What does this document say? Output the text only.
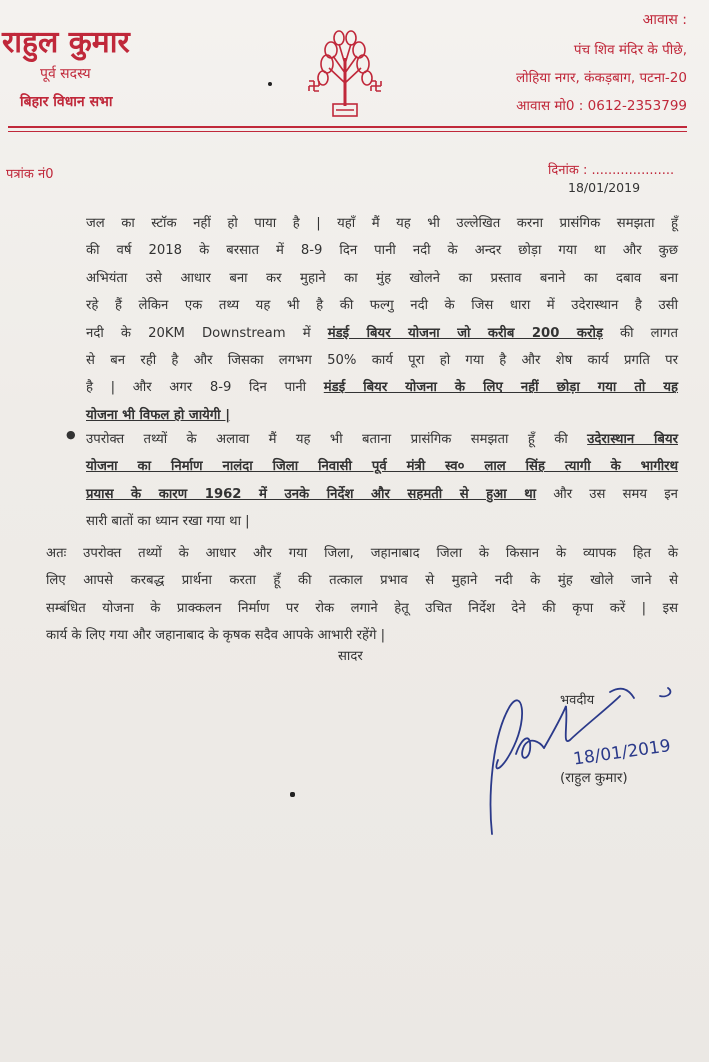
राहुल कुमार
पूर्व सदस्य
बिहार विधान सभा
आवास :
पंच शिव मंदिर के पीछे,
लोहिया नगर, कंकड़बाग, पटना-20
आवास मो0 : 0612-2353799
पत्रांक नं0	दिनांक : ....................
18/01/2019
जल का स्टॉक नहीं हो पाया है | यहाँ मैं यह भी उल्लेखित करना प्रासंगिक समझता हूँ
की वर्ष 2018 के बरसात में 8-9 दिन पानी नदी के अन्दर छोड़ा गया था और कुछ
अभियंता उसे आधार बना कर मुहाने का मुंह खोलने का प्रस्ताव बनाने का दबाव बना
रहे हैं लेकिन एक तथ्य यह भी है की फल्गु नदी के जिस धारा में उदेरास्थान है उसी
नदी के 20KM Downstream में मंडई बियर योजना जो करीब 200 करोड़ की लागत
से बन रही है और जिसका लगभग 50% कार्य पूरा हो गया है और शेष कार्य प्रगति पर
है | और अगर 8-9 दिन पानी मंडई बियर योजना के लिए नहीं छोड़ा गया तो यह
योजना भी विफल हो जायेगी |
● उपरोक्त तथ्यों के अलावा मैं यह भी बताना प्रासंगिक समझता हूँ की उदेरास्थान बियर
योजना का निर्माण नालंदा जिला निवासी पूर्व मंत्री स्व० लाल सिंह त्यागी के भागीरथ
प्रयास के कारण 1962 में उनके निर्देश और सहमती से हुआ था और उस समय इन
सारी बातों का ध्यान रखा गया था |
अतः उपरोक्त तथ्यों के आधार और गया जिला, जहानाबाद जिला के किसान के व्यापक हित के
लिए आपसे करबद्ध प्रार्थना करता हूँ की तत्काल प्रभाव से मुहाने नदी के मुंह खोले जाने से
सम्बंधित योजना के प्राक्कलन निर्माण पर रोक लगाने हेतू उचित निर्देश देने की कृपा करें | इस
कार्य के लिए गया और जहानाबाद के कृषक सदैव आपके आभारी रहेंगे |
सादर
भवदीय
18/01/2019
(राहुल कुमार)
